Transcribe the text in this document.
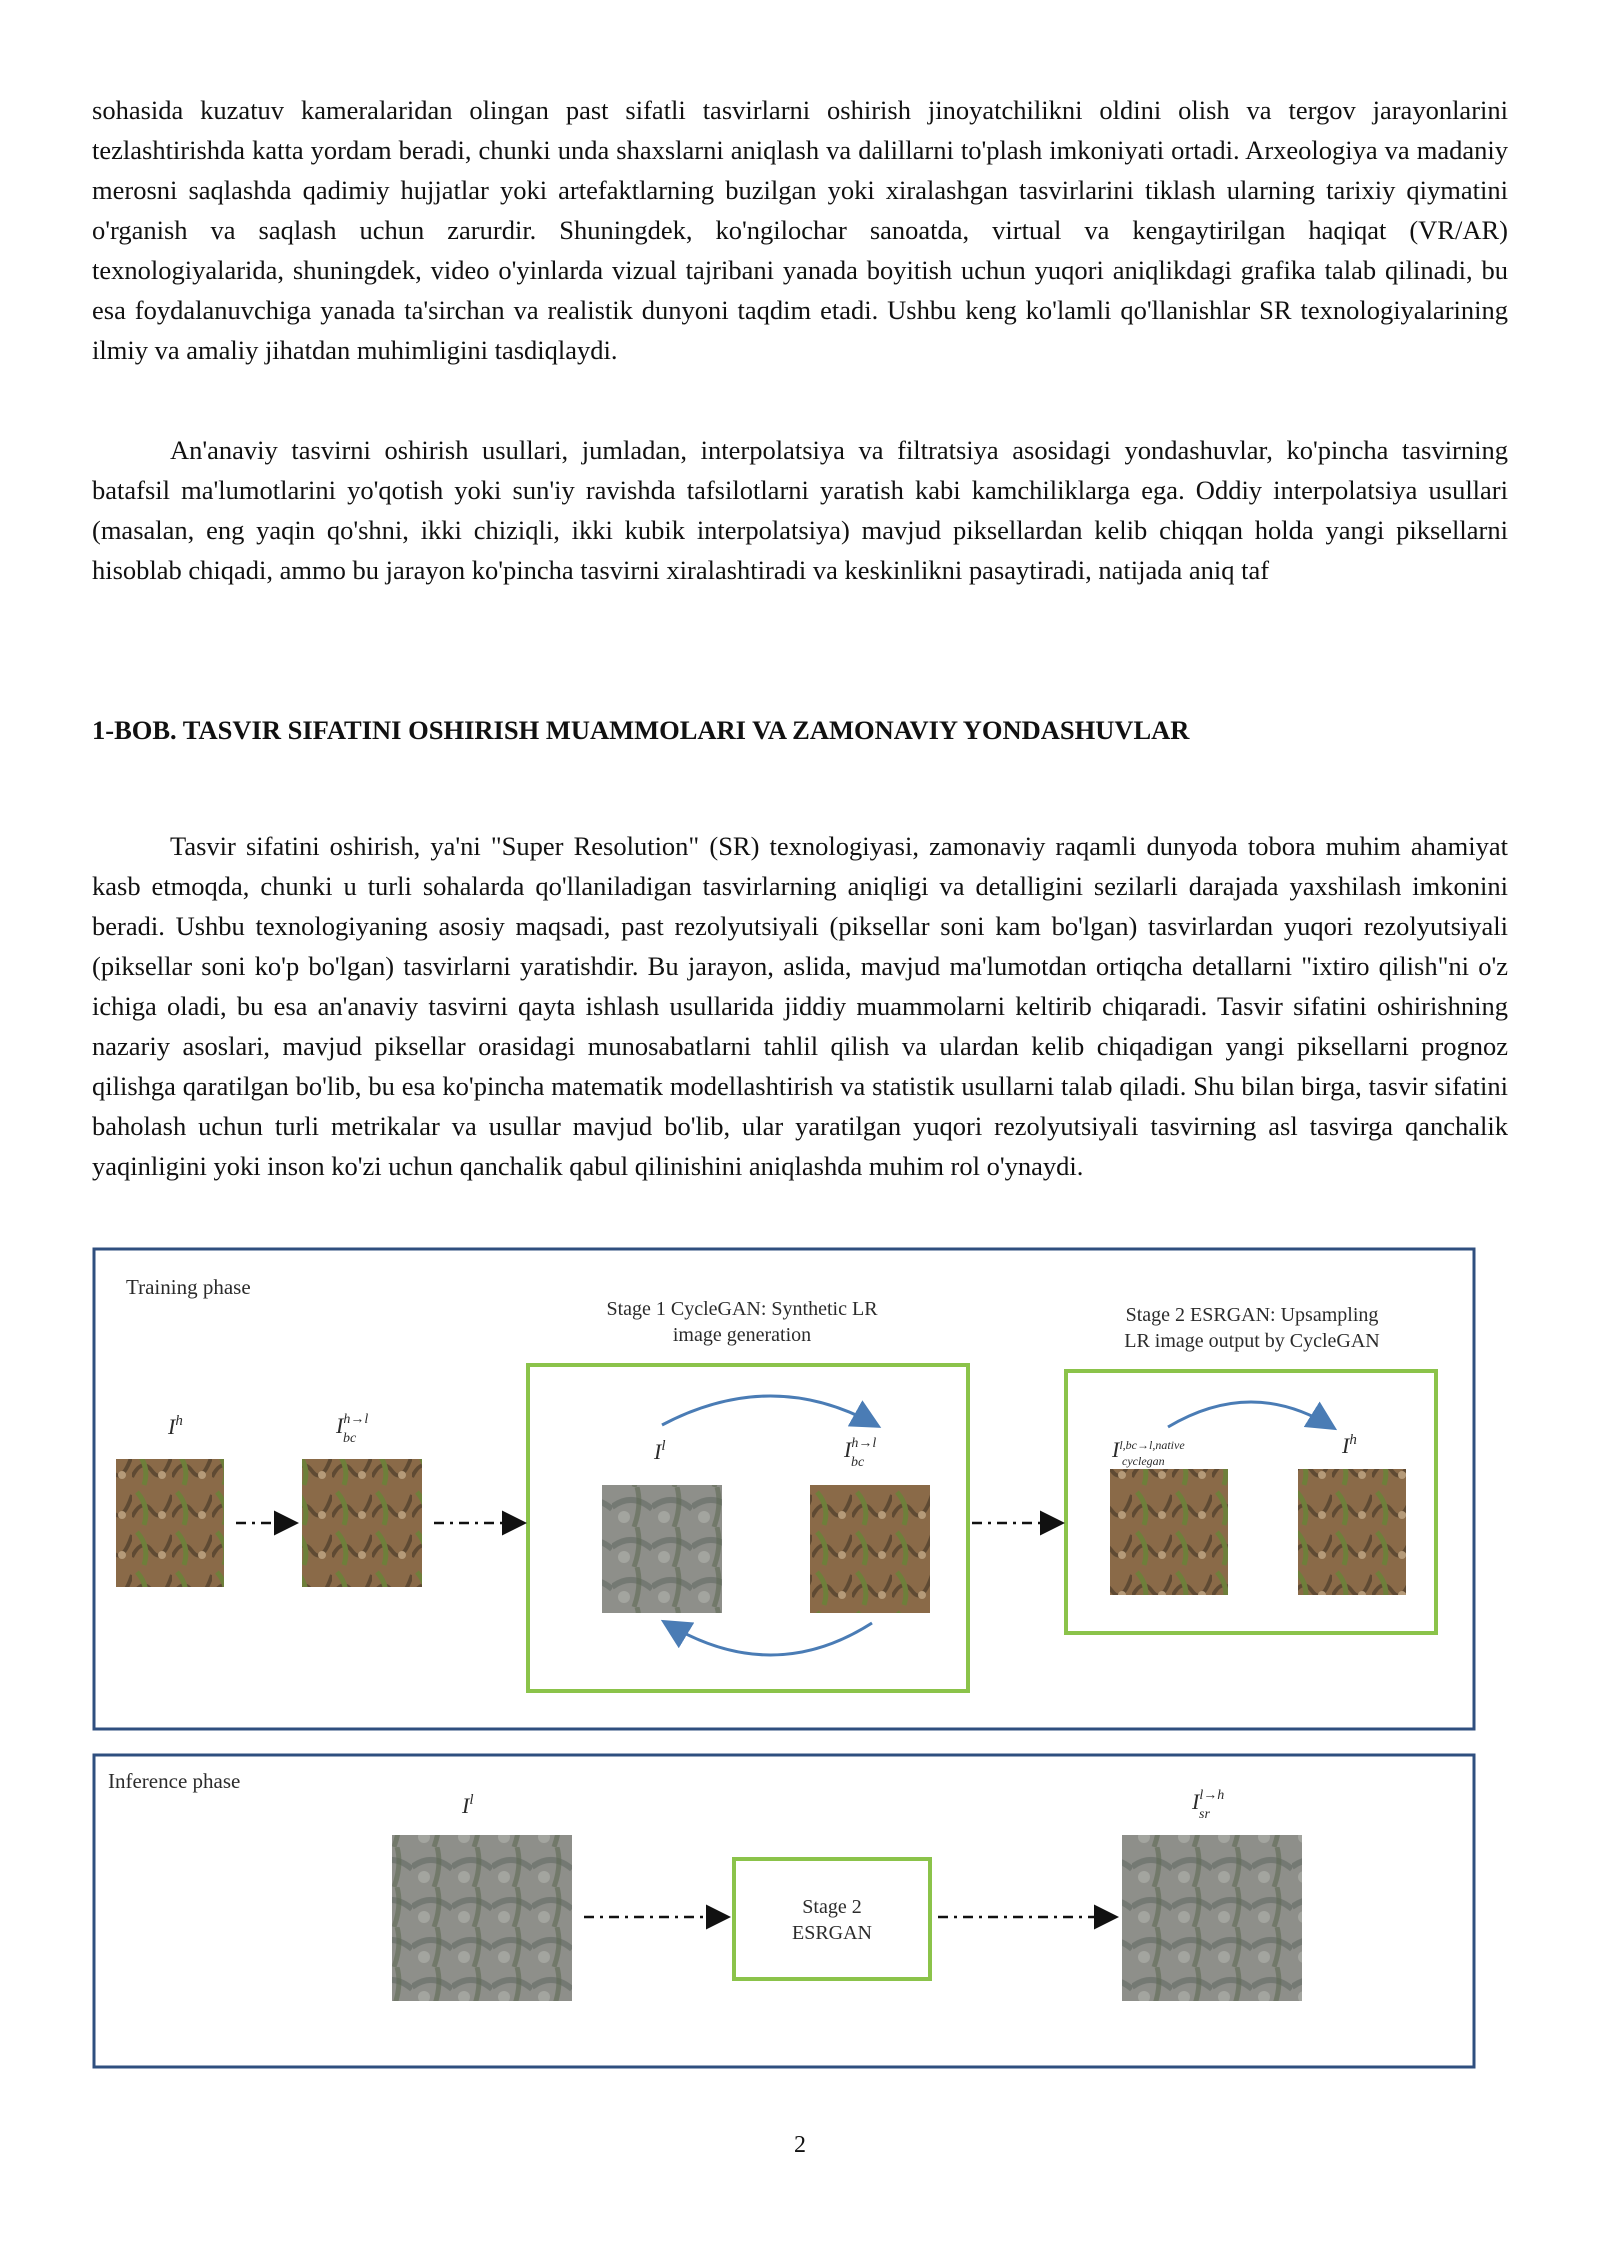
sohasida kuzatuv kameralaridan olingan past sifatli tasvirlarni oshirish jinoyatchilikni oldini olish va tergov jarayonlarini tezlashtirishda katta yordam beradi, chunki unda shaxslarni aniqlash va dalillarni to'plash imkoniyati ortadi. Arxeologiya va madaniy merosni saqlashda qadimiy hujjatlar yoki artefaktlarning buzilgan yoki xiralashgan tasvirlarini tiklash ularning tarixiy qiymatini o'rganish va saqlash uchun zarurdir. Shuningdek, ko'ngilochar sanoatda, virtual va kengaytirilgan haqiqat (VR/AR) texnologiyalarida, shuningdek, video o'yinlarda vizual tajribani yanada boyitish uchun yuqori aniqlikdagi grafika talab qilinadi, bu esa foydalanuvchiga yanada ta'sirchan va realistik dunyoni taqdim etadi. Ushbu keng ko'lamli qo'llanishlar SR texnologiyalarining ilmiy va amaliy jihatdan muhimligini tasdiqlaydi.

An'anaviy tasvirni oshirish usullari, jumladan, interpolatsiya va filtratsiya asosidagi yondashuvlar, ko'pincha tasvirning batafsil ma'lumotlarini yo'qotish yoki sun'iy ravishda tafsilotlarni yaratish kabi kamchiliklarga ega. Oddiy interpolatsiya usullari (masalan, eng yaqin qo'shni, ikki chiziqli, ikki kubik interpolatsiya) mavjud piksellardan kelib chiqqan holda yangi piksellarni hisoblab chiqadi, ammo bu jarayon ko'pincha tasvirni xiralashtiradi va keskinlikni pasaytiradi, natijada aniq taf

1-BOB. TASVIR SIFATINI OSHIRISH MUAMMOLARI VA ZAMONAVIY YONDASHUVLAR

Tasvir sifatini oshirish, ya'ni "Super Resolution" (SR) texnologiyasi, zamonaviy raqamli dunyoda tobora muhim ahamiyat kasb etmoqda, chunki u turli sohalarda qo'llaniladigan tasvirlarning aniqligi va detalligini sezilarli darajada yaxshilash imkonini beradi. Ushbu texnologiyaning asosiy maqsadi, past rezolyutsiyali (piksellar soni kam bo'lgan) tasvirlardan yuqori rezolyutsiyali (piksellar soni ko'p bo'lgan) tasvirlarni yaratishdir. Bu jarayon, aslida, mavjud ma'lumotdan ortiqcha detallarni "ixtiro qilish"ni o'z ichiga oladi, bu esa an'anaviy tasvirni qayta ishlash usullarida jiddiy muammolarni keltirib chiqaradi. Tasvir sifatini oshirishning nazariy asoslari, mavjud piksellar orasidagi munosabatlarni tahlil qilish va ulardan kelib chiqadigan yangi piksellarni prognoz qilishga qaratilgan bo'lib, bu esa ko'pincha matematik modellashtirish va statistik usullarni talab qiladi. Shu bilan birga, tasvir sifatini baholash uchun turli metrikalar va usullar mavjud bo'lib, ular yaratilgan yuqori rezolyutsiyali tasvirning asl tasvirga qanchalik yaqinligini yoki inson ko'zi uchun qanchalik qabul qilinishini aniqlashda muhim rol o'ynaydi.

Training phase
Stage 1 CycleGAN: Synthetic LR
image generation
Stage 2 ESRGAN: Upsampling
LR image output by CycleGAN
$I^h$	$I^{h\to l}$ bc
$I^l$	$I^{h\to l}$ bc
$I^{l,bc\to l,native}$ cyclegan
$I^h$
Inference phase
$I^l$	$I^{l\to h}$ sr
Stage 2
ESRGAN
2
